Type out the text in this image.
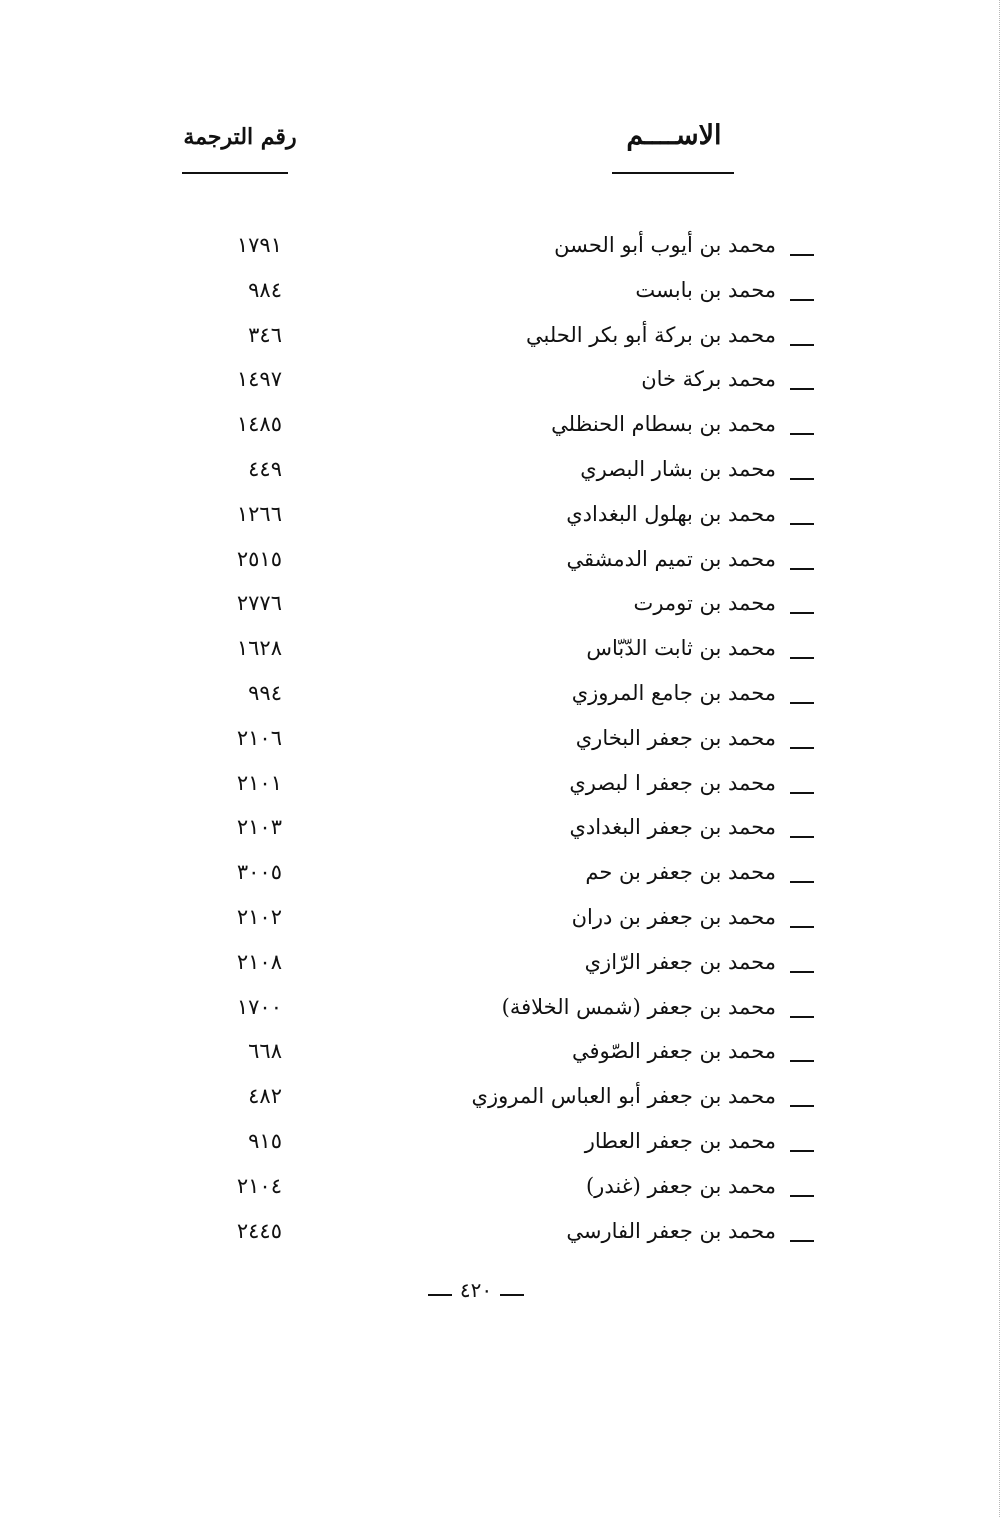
الاســــم
رقم الترجمة
محمد بن أيوب أبو الحسن
١٧٩١
محمد بن بابست
٩٨٤
محمد بن بركة أبو بكر الحلبي
٣٤٦
محمد بركة خان
١٤٩٧
محمد بن بسطام الحنظلي
١٤٨٥
محمد بن بشار البصري
٤٤٩
محمد بن بهلول البغدادي
١٢٦٦
محمد بن تميم الدمشقي
٢٥١٥
محمد بن تومرت
٢٧٧٦
محمد بن ثابت الدّبّاس
١٦٢٨
محمد بن جامع المروزي
٩٩٤
محمد بن جعفر البخاري
٢١٠٦
محمد بن جعفر ا لبصري
٢١٠١
محمد بن جعفر البغدادي
٢١٠٣
محمد بن جعفر بن حم
٣٠٠٥
محمد بن جعفر بن دران
٢١٠٢
محمد بن جعفر الرّازي
٢١٠٨
محمد بن جعفر (شمس الخلافة)
١٧٠٠
محمد بن جعفر الصّوفي
٦٦٨
محمد بن جعفر أبو العباس المروزي
٤٨٢
محمد بن جعفر العطار
٩١٥
محمد بن جعفر (غندر)
٢١٠٤
محمد بن جعفر الفارسي
٢٤٤٥
٤٢٠
